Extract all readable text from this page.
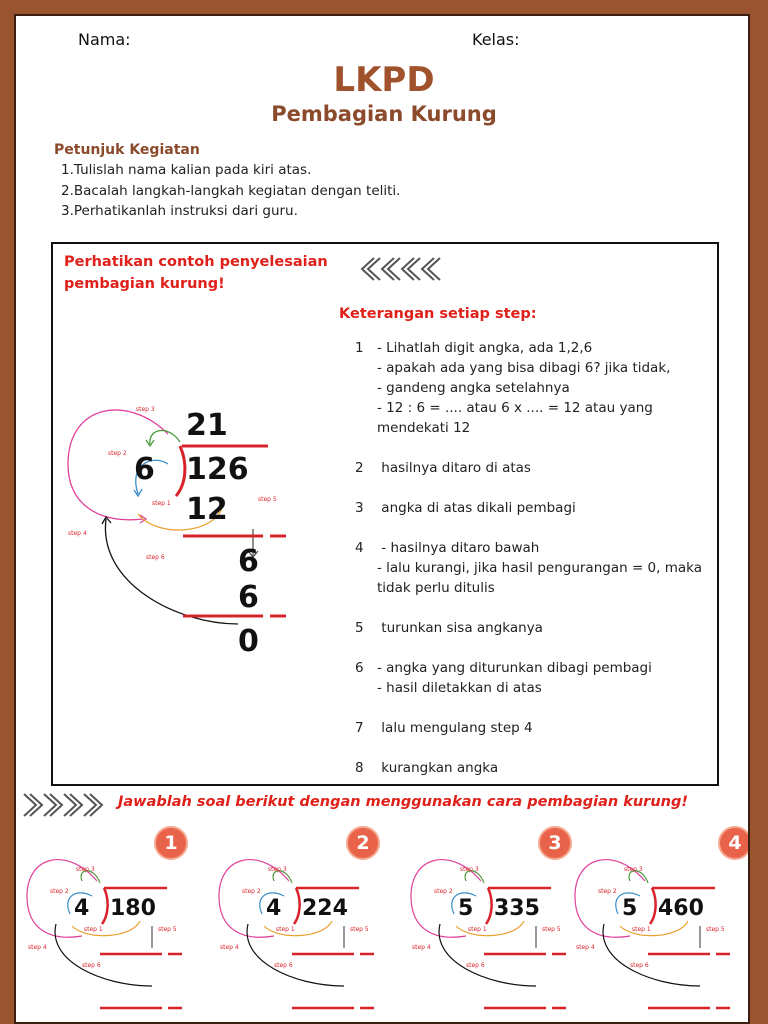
Nama:	Kelas:
LKPD
Pembagian Kurung
Petunjuk Kegiatan
1.Tulislah nama kalian pada kiri atas.
2.Bacalah langkah-langkah kegiatan dengan teliti.
3.Perhatikanlah instruksi dari guru.
Perhatikan contoh penyelesaian pembagian kurung!
Keterangan setiap step:
1 - Lihatlah digit angka, ada 1,2,6
- apakah ada yang bisa dibagi 6? jika tidak,
- gandeng angka setelahnya
- 12 : 6 = .... atau 6 x .... = 12 atau yang
mendekati 12
2 hasilnya ditaro di atas
3 angka di atas dikali pembagi
4 - hasilnya ditaro bawah
- lalu kurangi, jika hasil pengurangan = 0, maka
tidak perlu ditulis
5 turunkan sisa angkanya
6 - angka yang diturunkan dibagi pembagi
- hasil diletakkan di atas
7 lalu mengulang step 4
8 kurangkan angka
step 3
step 2
step 1
step 5
step 4
step 6
21
6 126
12
6
6
0
Jawablah soal berikut dengan menggunakan cara pembagian kurung!
1
step 3
step 2
step 1	step 5
step 4
step 6
4 180
2
step 3
step 2
step 1	step 5
step 4
step 6
4 224
3
step 3
step 2
step 1	step 5
step 4
step 6
5 335
4
step 3
step 2
step 1	step 5
step 4
step 6
5 460
